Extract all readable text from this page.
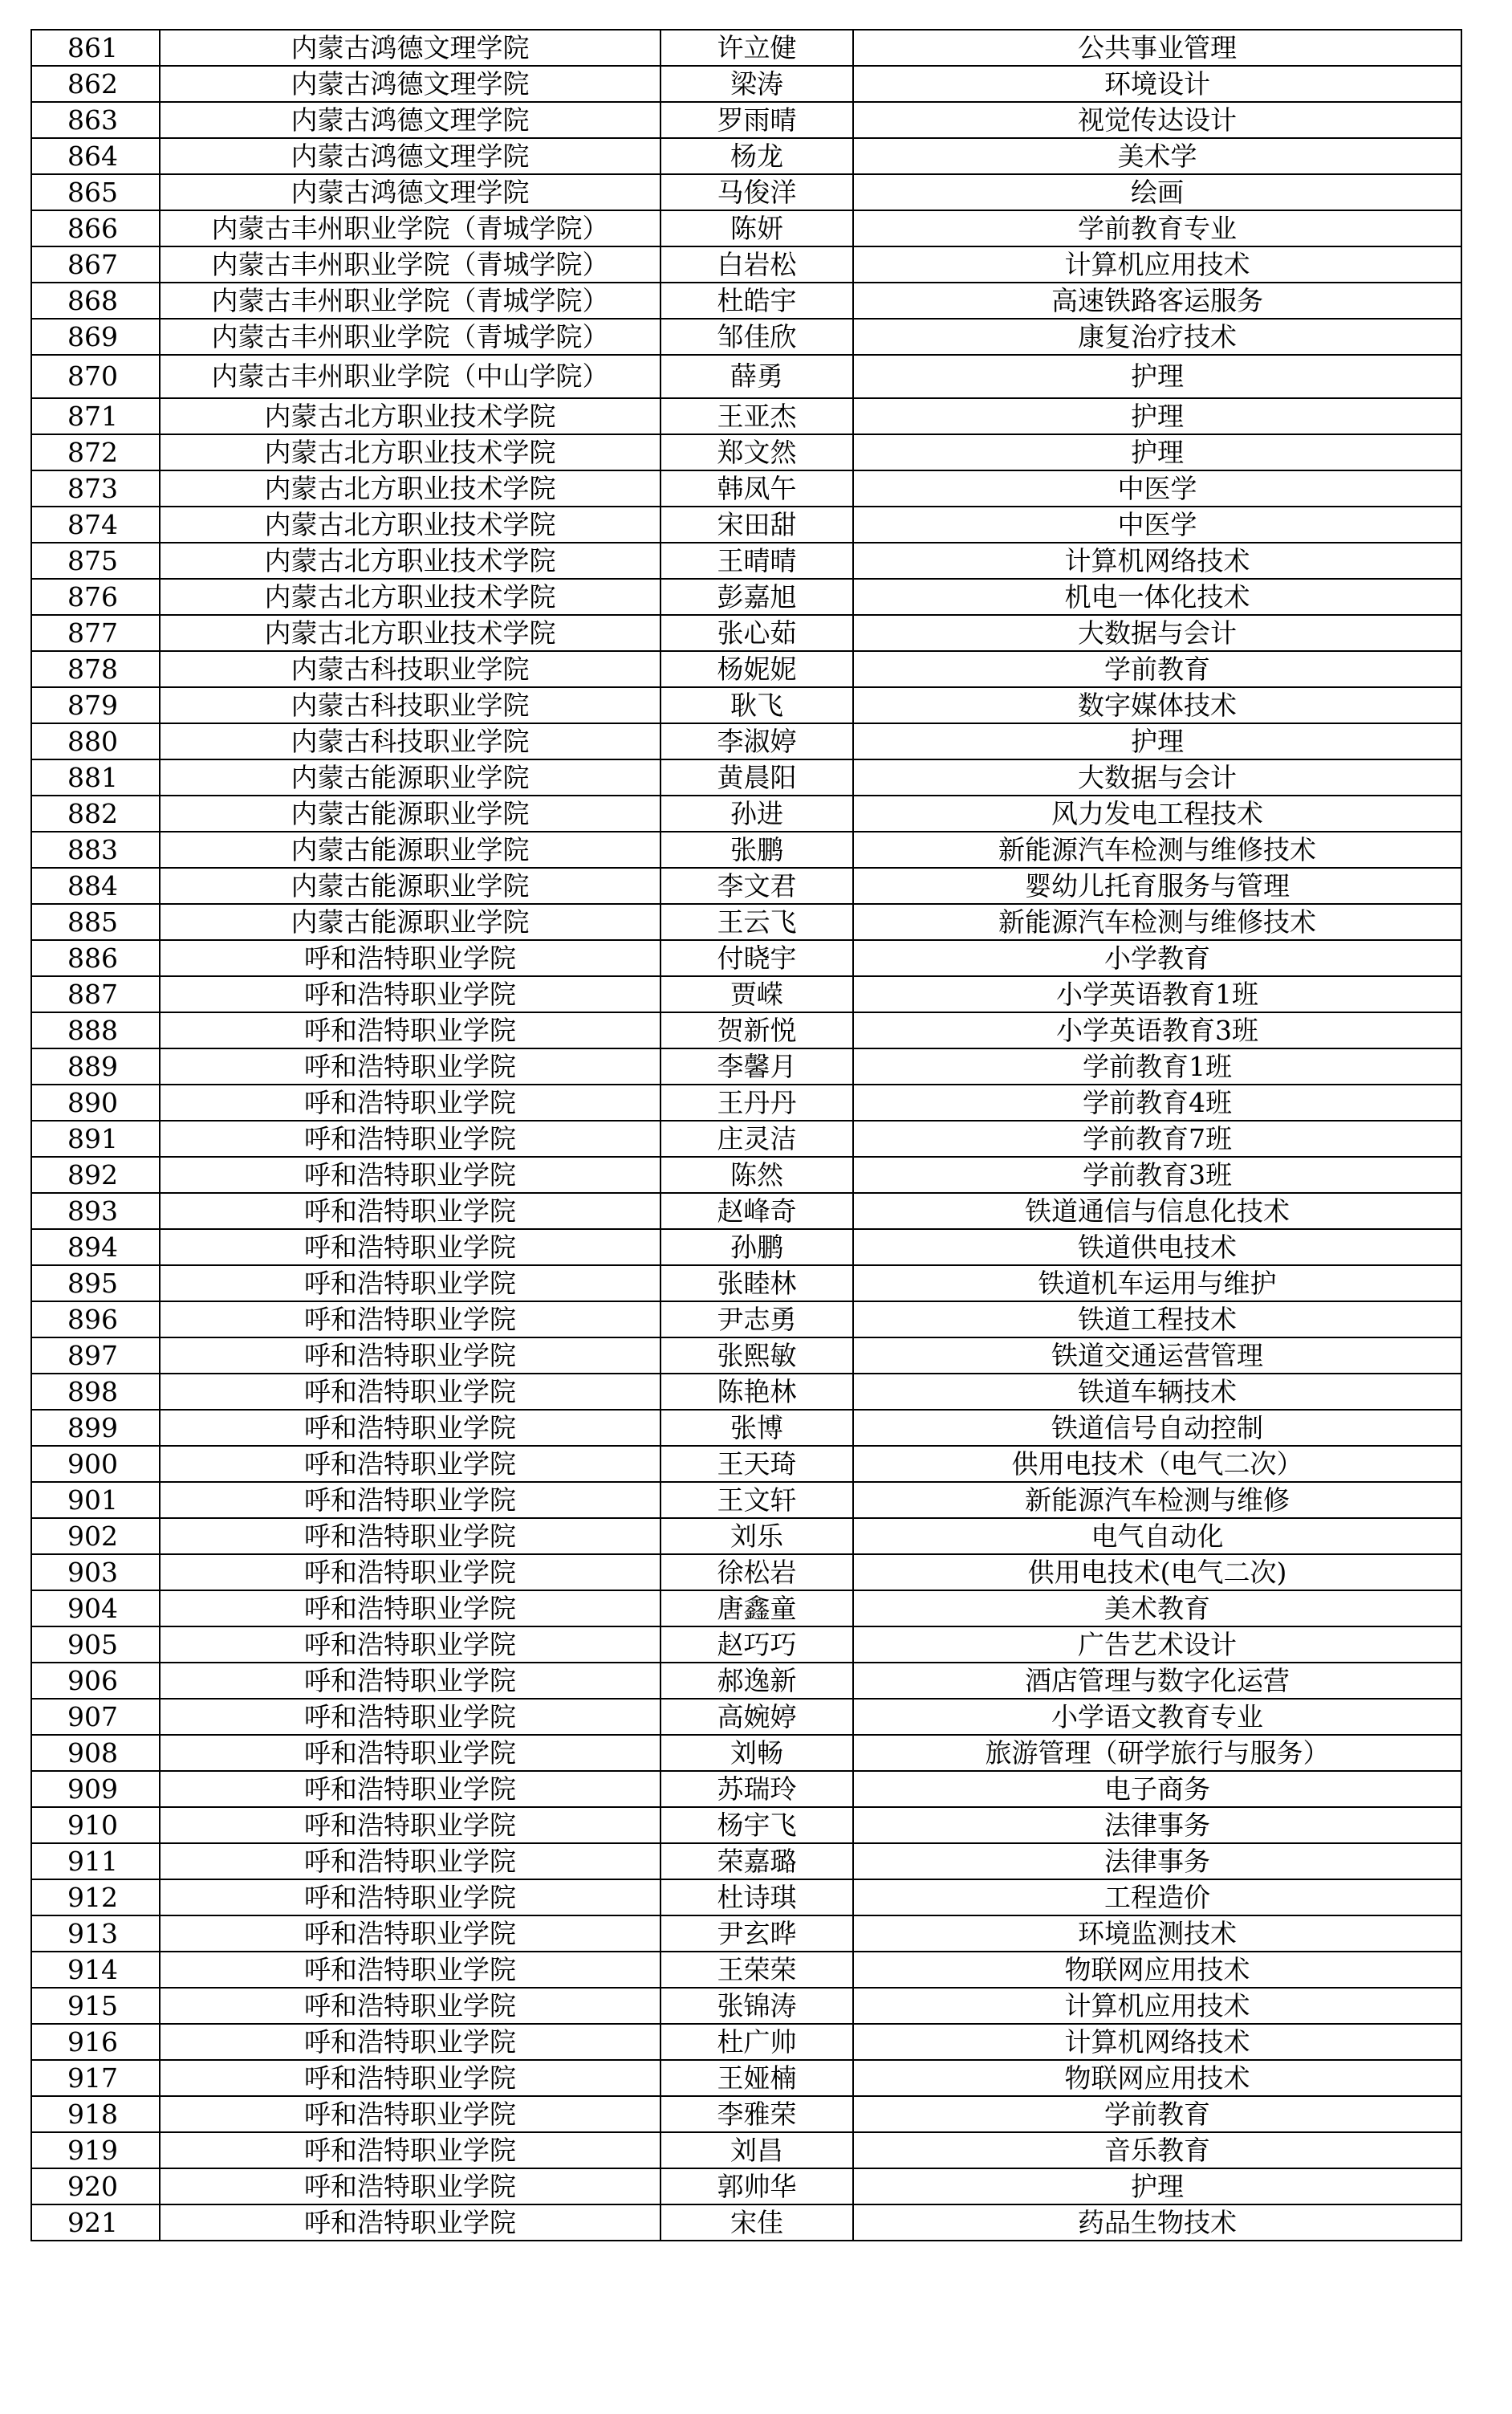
861	内蒙古鸿德文理学院	许立健	公共事业管理
862	内蒙古鸿德文理学院	梁涛	环境设计
863	内蒙古鸿德文理学院	罗雨晴	视觉传达设计
864	内蒙古鸿德文理学院	杨龙	美术学
865	内蒙古鸿德文理学院	马俊洋	绘画
866	内蒙古丰州职业学院（青城学院）	陈妍	学前教育专业
867	内蒙古丰州职业学院（青城学院）	白岩松	计算机应用技术
868	内蒙古丰州职业学院（青城学院）	杜皓宇	高速铁路客运服务
869	内蒙古丰州职业学院（青城学院）	邹佳欣	康复治疗技术
870	内蒙古丰州职业学院（中山学院）	薛勇	护理
871	内蒙古北方职业技术学院	王亚杰	护理
872	内蒙古北方职业技术学院	郑文然	护理
873	内蒙古北方职业技术学院	韩凤午	中医学
874	内蒙古北方职业技术学院	宋田甜	中医学
875	内蒙古北方职业技术学院	王晴晴	计算机网络技术
876	内蒙古北方职业技术学院	彭嘉旭	机电一体化技术
877	内蒙古北方职业技术学院	张心茹	大数据与会计
878	内蒙古科技职业学院	杨妮妮	学前教育
879	内蒙古科技职业学院	耿飞	数字媒体技术
880	内蒙古科技职业学院	李淑婷	护理
881	内蒙古能源职业学院	黄晨阳	大数据与会计
882	内蒙古能源职业学院	孙进	风力发电工程技术
883	内蒙古能源职业学院	张鹏	新能源汽车检测与维修技术
884	内蒙古能源职业学院	李文君	婴幼儿托育服务与管理
885	内蒙古能源职业学院	王云飞	新能源汽车检测与维修技术
886	呼和浩特职业学院	付晓宇	小学教育
887	呼和浩特职业学院	贾嵘	小学英语教育1班
888	呼和浩特职业学院	贺新悦	小学英语教育3班
889	呼和浩特职业学院	李馨月	学前教育1班
890	呼和浩特职业学院	王丹丹	学前教育4班
891	呼和浩特职业学院	庄灵洁	学前教育7班
892	呼和浩特职业学院	陈然	学前教育3班
893	呼和浩特职业学院	赵峰奇	铁道通信与信息化技术
894	呼和浩特职业学院	孙鹏	铁道供电技术
895	呼和浩特职业学院	张睦林	铁道机车运用与维护
896	呼和浩特职业学院	尹志勇	铁道工程技术
897	呼和浩特职业学院	张熙敏	铁道交通运营管理
898	呼和浩特职业学院	陈艳林	铁道车辆技术
899	呼和浩特职业学院	张博	铁道信号自动控制
900	呼和浩特职业学院	王天琦	供用电技术（电气二次）
901	呼和浩特职业学院	王文轩	新能源汽车检测与维修
902	呼和浩特职业学院	刘乐	电气自动化
903	呼和浩特职业学院	徐松岩	供用电技术(电气二次)
904	呼和浩特职业学院	唐鑫童	美术教育
905	呼和浩特职业学院	赵巧巧	广告艺术设计
906	呼和浩特职业学院	郝逸新	酒店管理与数字化运营
907	呼和浩特职业学院	高婉婷	小学语文教育专业
908	呼和浩特职业学院	刘畅	旅游管理（研学旅行与服务）
909	呼和浩特职业学院	苏瑞玲	电子商务
910	呼和浩特职业学院	杨宇飞	法律事务
911	呼和浩特职业学院	荣嘉璐	法律事务
912	呼和浩特职业学院	杜诗琪	工程造价
913	呼和浩特职业学院	尹玄晔	环境监测技术
914	呼和浩特职业学院	王荣荣	物联网应用技术
915	呼和浩特职业学院	张锦涛	计算机应用技术
916	呼和浩特职业学院	杜广帅	计算机网络技术
917	呼和浩特职业学院	王娅楠	物联网应用技术
918	呼和浩特职业学院	李雅荣	学前教育
919	呼和浩特职业学院	刘昌	音乐教育
920	呼和浩特职业学院	郭帅华	护理
921	呼和浩特职业学院	宋佳	药品生物技术
